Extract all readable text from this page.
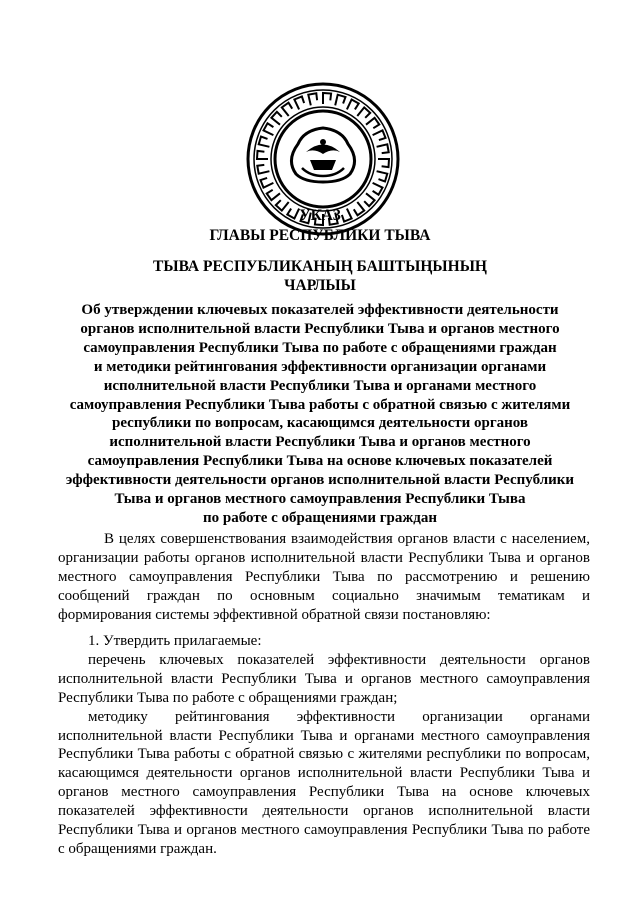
УКАЗ

ГЛАВЫ РЕСПУБЛИКИ ТЫВА

ТЫВА РЕСПУБЛИКАНЫҢ БАШТЫҢЫНЫҢ

ЧАРЛЫЫ

Об утверждении ключевых показателей эффективности деятельности
органов исполнительной власти Республики Тыва и органов местного
самоуправления Республики Тыва по работе с обращениями граждан
и методики рейтингования эффективности организации органами
исполнительной власти Республики Тыва и органами местного
самоуправления Республики Тыва работы с обратной связью с жителями
республики по вопросам, касающимся деятельности органов
исполнительной власти Республики Тыва и органов местного
самоуправления Республики Тыва на основе ключевых показателей
эффективности деятельности органов исполнительной власти Республики
Тыва и органов местного самоуправления Республики Тыва
по работе с обращениями граждан

В целях совершенствования взаимодействия органов власти с населением, организации работы органов исполнительной власти Республики Тыва и органов местного самоуправления Республики Тыва по рассмотрению и решению сообщений граждан по основным социально значимым тематикам и формирования системы эффективной обратной связи постановляю:

1. Утвердить прилагаемые:

перечень ключевых показателей эффективности деятельности органов исполнительной власти Республики Тыва и органов местного самоуправления Республики Тыва по работе с обращениями граждан;

методику рейтингования эффективности организации органами исполнительной власти Республики Тыва и органами местного самоуправления Республики Тыва работы с обратной связью с жителями республики по вопросам, касающимся деятельности органов исполнительной власти Республики Тыва и органов местного самоуправления Республики Тыва на основе ключевых показателей эффективности деятельности органов исполнительной власти Республики Тыва и органов местного самоуправления Республики Тыва по работе с обращениями граждан.
